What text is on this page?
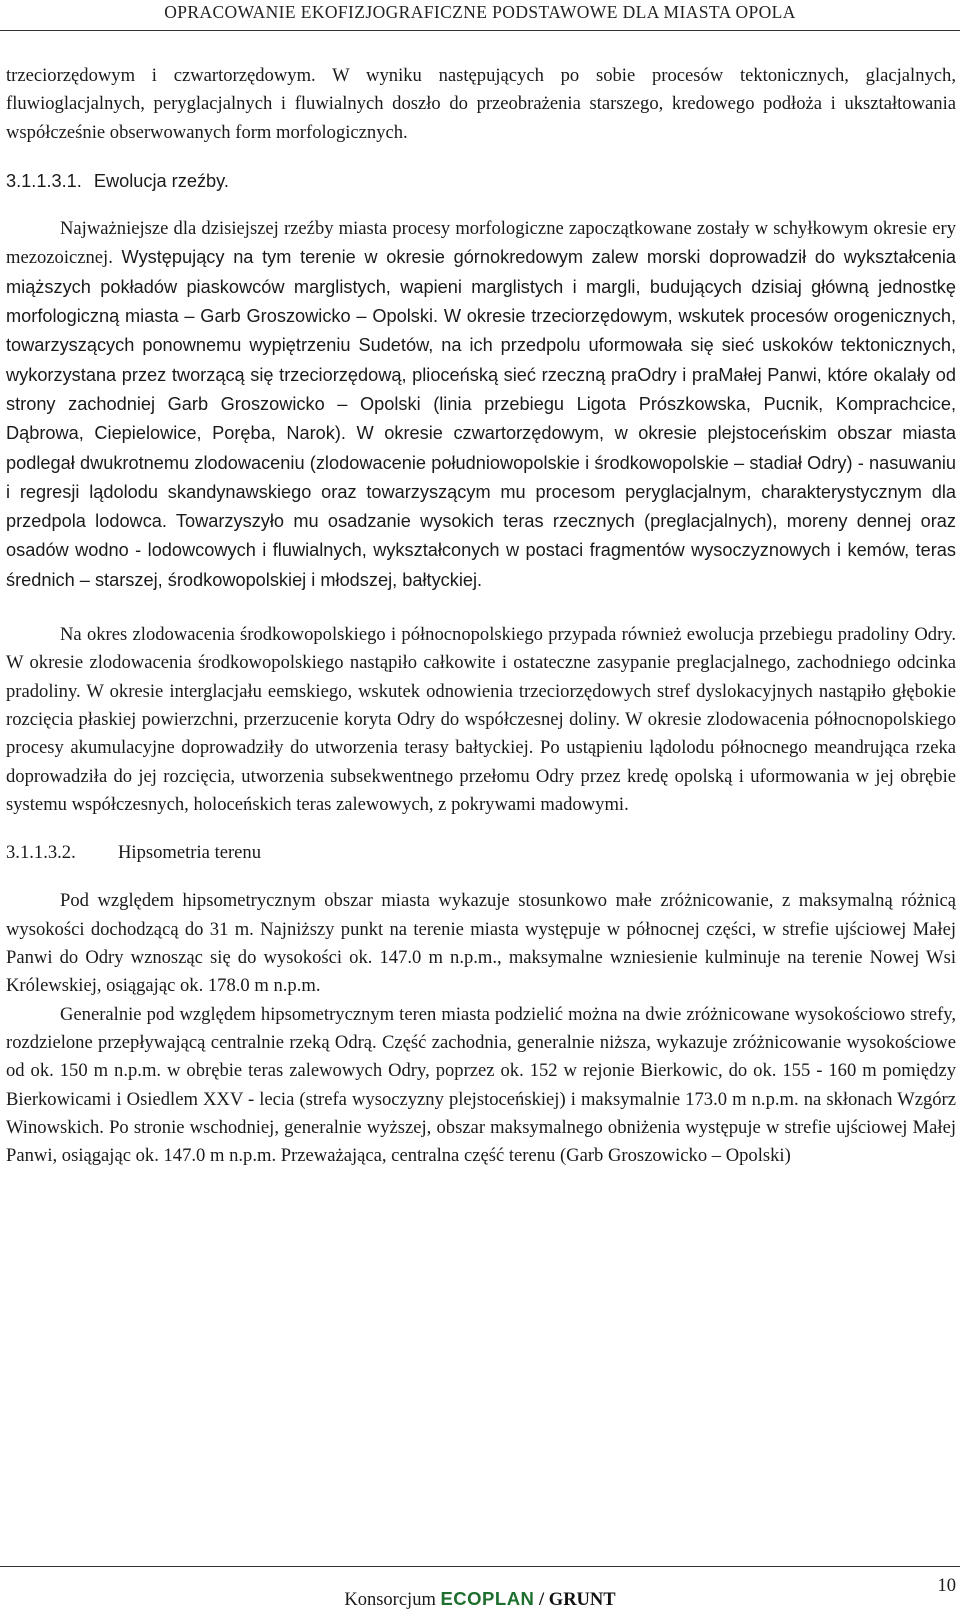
OPRACOWANIE EKOFIZJOGRAFICZNE PODSTAWOWE DLA MIASTA OPOLA

trzeciorzędowym i czwartorzędowym. W wyniku następujących po sobie procesów tektonicznych, glacjalnych, fluwioglacjalnych, peryglacjalnych i fluwialnych doszło do przeobrażenia starszego, kredowego podłoża i ukształtowania współcześnie obserwowanych form morfologicznych.

3.1.1.3.1. Ewolucja rzeźby.

Najważniejsze dla dzisiejszej rzeźby miasta procesy morfologiczne zapoczątkowane zostały w schyłkowym okresie ery mezozoicznej. Występujący na tym terenie w okresie górnokredowym zalew morski doprowadził do wykształcenia miąższych pokładów piaskowców marglistych, wapieni marglistych i margli, budujących dzisiaj główną jednostkę morfologiczną miasta – Garb Groszowicko – Opolski. W okresie trzeciorzędowym, wskutek procesów orogenicznych, towarzyszących ponownemu wypiętrzeniu Sudetów, na ich przedpolu uformowała się sieć uskoków tektonicznych, wykorzystana przez tworzącą się trzeciorzędową, plioceńską sieć rzeczną praOdry i praMałej Panwi, które okalały od strony zachodniej Garb Groszowicko – Opolski (linia przebiegu Ligota Prószkowska, Pucnik, Komprachcice, Dąbrowa, Ciepielowice, Poręba, Narok). W okresie czwartorzędowym, w okresie plejstoceńskim obszar miasta podlegał dwukrotnemu zlodowaceniu (zlodowacenie południowopolskie i środkowopolskie – stadiał Odry) - nasuwaniu i regresji lądolodu skandynawskiego oraz towarzyszącym mu procesom peryglacjalnym, charakterystycznym dla przedpola lodowca. Towarzyszyło mu osadzanie wysokich teras rzecznych (preglacjalnych), moreny dennej oraz osadów wodno - lodowcowych i fluwialnych, wykształconych w postaci fragmentów wysoczyznowych i kemów, teras średnich – starszej, środkowopolskiej i młodszej, bałtyckiej.

Na okres zlodowacenia środkowopolskiego i północnopolskiego przypada również ewolucja przebiegu pradoliny Odry. W okresie zlodowacenia środkowopolskiego nastąpiło całkowite i ostateczne zasypanie preglacjalnego, zachodniego odcinka pradoliny. W okresie interglacjału eemskiego, wskutek odnowienia trzeciorzędowych stref dyslokacyjnych nastąpiło głębokie rozcięcia płaskiej powierzchni, przerzucenie koryta Odry do współczesnej doliny. W okresie zlodowacenia północnopolskiego procesy akumulacyjne doprowadziły do utworzenia terasy bałtyckiej. Po ustąpieniu lądolodu północnego meandrująca rzeka doprowadziła do jej rozcięcia, utworzenia subsekwentnego przełomu Odry przez kredę opolską i uformowania w jej obrębie systemu współczesnych, holoceńskich teras zalewowych, z pokrywami madowymi.

3.1.1.3.2. Hipsometria terenu

Pod względem hipsometrycznym obszar miasta wykazuje stosunkowo małe zróżnicowanie, z maksymalną różnicą wysokości dochodzącą do 31 m. Najniższy punkt na terenie miasta występuje w północnej części, w strefie ujściowej Małej Panwi do Odry wznosząc się do wysokości ok. 147.0 m n.p.m., maksymalne wzniesienie kulminuje na terenie Nowej Wsi Królewskiej, osiągając ok. 178.0 m n.p.m.

Generalnie pod względem hipsometrycznym teren miasta podzielić można na dwie zróżnicowane wysokościowo strefy, rozdzielone przepływającą centralnie rzeką Odrą. Część zachodnia, generalnie niższa, wykazuje zróżnicowanie wysokościowe od ok. 150 m n.p.m. w obrębie teras zalewowych Odry, poprzez ok. 152 w rejonie Bierkowic, do ok. 155 - 160 m pomiędzy Bierkowicami i Osiedlem XXV - lecia (strefa wysoczyzny plejstoceńskiej) i maksymalnie 173.0 m n.p.m. na skłonach Wzgórz Winowskich. Po stronie wschodniej, generalnie wyższej, obszar maksymalnego obniżenia występuje w strefie ujściowej Małej Panwi, osiągając ok. 147.0 m n.p.m. Przeważająca, centralna część terenu (Garb Groszowicko – Opolski)

Konsorcjum ECOPLAN / GRUNT
10
